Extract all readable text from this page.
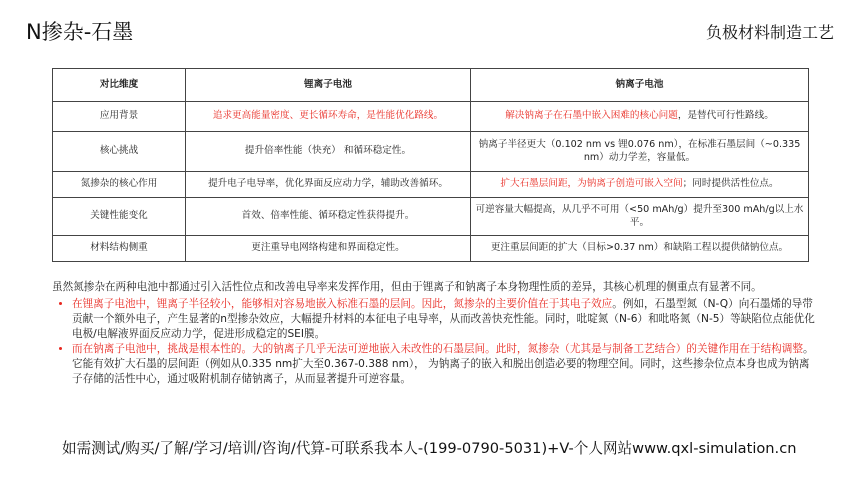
N掺杂-石墨	负极材料制造工艺
对比维度	锂离子电池	钠离子电池
应用背景	追求更高能量密度、更长循环寿命，是性能优化路线。	解决钠离子在石墨中嵌入困难的核心问题，是替代可行性路线。
核心挑战	提升倍率性能（快充） 和循环稳定性。	钠离子半径更大（0.102 nm vs 锂0.076 nm），在标准石墨层间（~0.335 nm）动力学差，容量低。
氮掺杂的核心作用	提升电子电导率，优化界面反应动力学，辅助改善循环。	扩大石墨层间距，为钠离子创造可嵌入空间；同时提供活性位点。
关键性能变化	首效、倍率性能、循环稳定性获得提升。	可逆容量大幅提高，从几乎不可用（<50 mAh/g）提升至300 mAh/g以上水平。
材料结构侧重	更注重导电网络构建和界面稳定性。	更注重层间距的扩大（目标>0.37 nm）和缺陷工程以提供储钠位点。

虽然氮掺杂在两种电池中都通过引入活性位点和改善电导率来发挥作用，但由于锂离子和钠离子本身物理性质的差异，其核心机理的侧重点有显著不同。

• 在锂离子电池中，锂离子半径较小，能够相对容易地嵌入标准石墨的层间。因此，氮掺杂的主要价值在于其电子效应。例如，石墨型氮（N-Q）向石墨烯的导带贡献一个额外电子，产生显著的n型掺杂效应，大幅提升材料的本征电子电导率，从而改善快充性能。同时，吡啶氮（N-6）和吡咯氮（N-5）等缺陷位点能优化电极/电解液界面反应动力学，促进形成稳定的SEI膜。
• 而在钠离子电池中，挑战是根本性的。大的钠离子几乎无法可逆地嵌入未改性的石墨层间。此时，氮掺杂（尤其是与制备工艺结合）的关键作用在于结构调整。它能有效扩大石墨的层间距（例如从0.335 nm扩大至0.367-0.388 nm）， 为钠离子的嵌入和脱出创造必要的物理空间。同时，这些掺杂位点本身也成为钠离子存储的活性中心，通过吸附机制存储钠离子，从而显著提升可逆容量。
如需测试/购买/了解/学习/培训/咨询/代算-可联系我本人-(199-0790-5031)+V-个人网站www.qxl-simulation.cn
